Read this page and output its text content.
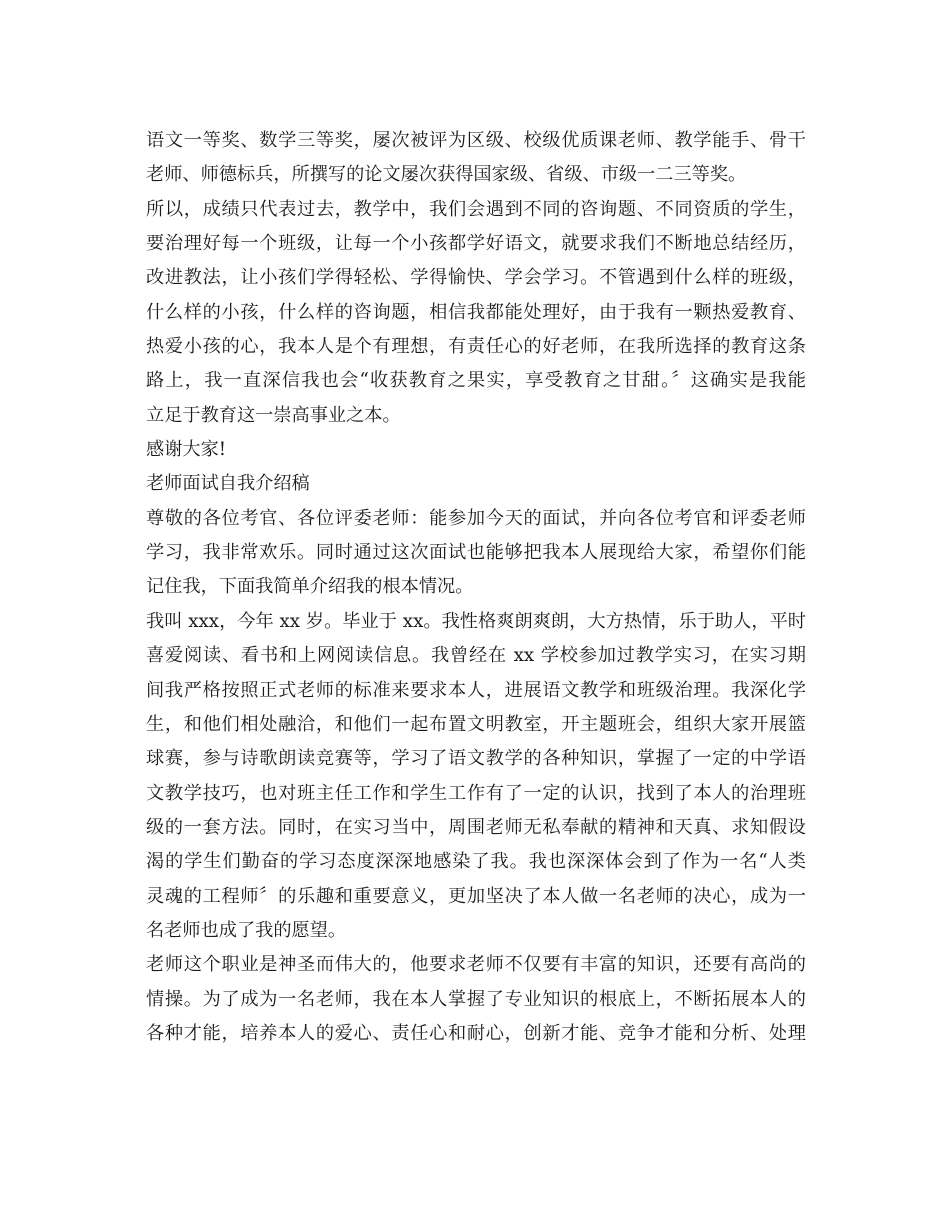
语文一等奖、数学三等奖，屡次被评为区级、校级优质课老师、教学能手、骨干
老师、师德标兵，所撰写的论文屡次获得国家级、省级、市级一二三等奖。
所以，成绩只代表过去，教学中，我们会遇到不同的咨询题、不同资质的学生，
要治理好每一个班级，让每一个小孩都学好语文，就要求我们不断地总结经历，
改进教法，让小孩们学得轻松、学得愉快、学会学习。不管遇到什么样的班级，
什么样的小孩，什么样的咨询题，相信我都能处理好，由于我有一颗热爱教育、
热爱小孩的心，我本人是个有理想，有责任心的好老师，在我所选择的教育这条
路上，我一直深信我也会“收获教育之果实，享受教育之甘甜。〞这确实是我能
立足于教育这一崇高事业之本。
感谢大家!
老师面试自我介绍稿
尊敬的各位考官、各位评委老师：能参加今天的面试，并向各位考官和评委老师
学习，我非常欢乐。同时通过这次面试也能够把我本人展现给大家，希望你们能
记住我，下面我简单介绍我的根本情况。
我叫 xxx，今年 xx 岁。毕业于 xx。我性格爽朗爽朗，大方热情，乐于助人，平时
喜爱阅读、看书和上网阅读信息。我曾经在 xx 学校参加过教学实习，在实习期
间我严格按照正式老师的标准来要求本人，进展语文教学和班级治理。我深化学
生，和他们相处融洽，和他们一起布置文明教室，开主题班会，组织大家开展篮
球赛，参与诗歌朗读竞赛等，学习了语文教学的各种知识，掌握了一定的中学语
文教学技巧，也对班主任工作和学生工作有了一定的认识，找到了本人的治理班
级的一套方法。同时，在实习当中，周围老师无私奉献的精神和天真、求知假设
渴的学生们勤奋的学习态度深深地感染了我。我也深深体会到了作为一名“人类
灵魂的工程师〞的乐趣和重要意义，更加坚决了本人做一名老师的决心，成为一
名老师也成了我的愿望。
老师这个职业是神圣而伟大的，他要求老师不仅要有丰富的知识，还要有高尚的
情操。为了成为一名老师，我在本人掌握了专业知识的根底上，不断拓展本人的
各种才能，培养本人的爱心、责任心和耐心，创新才能、竞争才能和分析、处理
